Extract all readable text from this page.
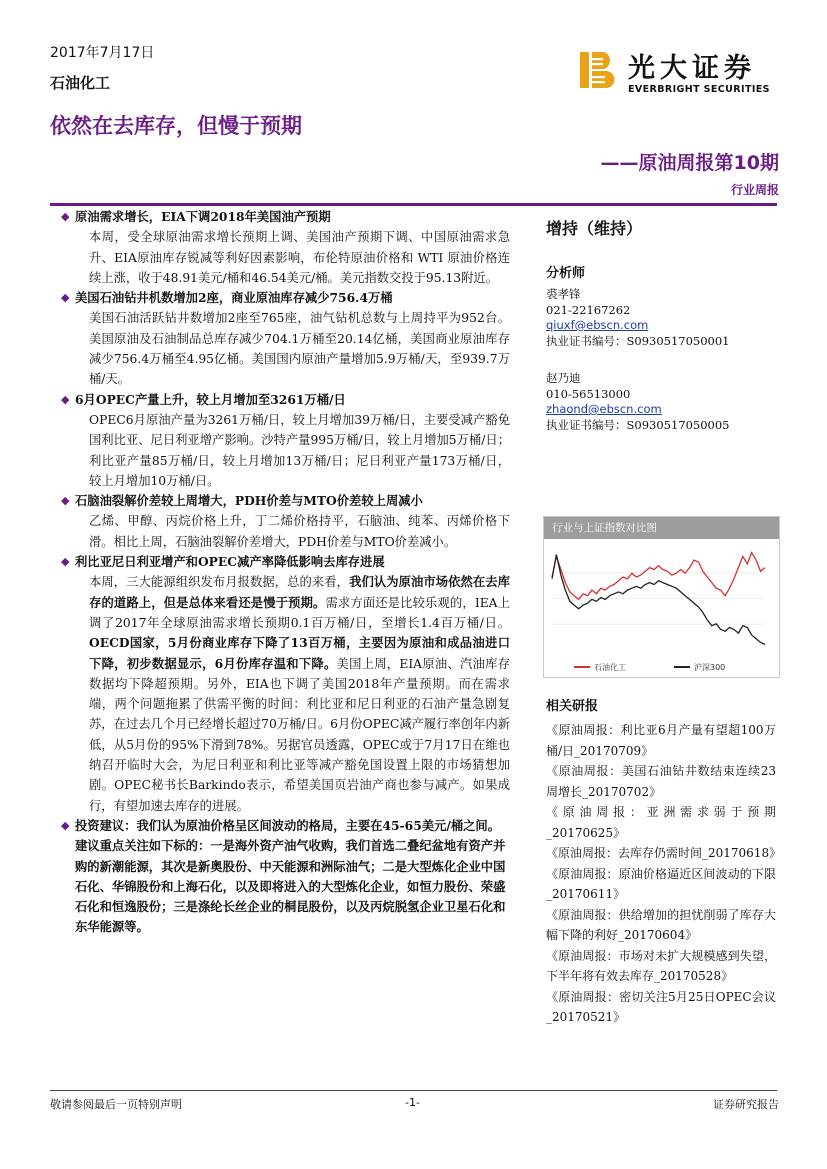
2017年7月17日
石油化工
依然在去库存，但慢于预期
光大证券
EVERBRIGHT SECURITIES
——原油周报第10期
行业周报
◆ 原油需求增长，EIA下调2018年美国油产预期
本周，受全球原油需求增长预期上调、美国油产预期下调、中国原油需求急升、EIA原油库存锐减等利好因素影响，布伦特原油价格和 WTI 原油价格连续上涨，收于48.91美元/桶和46.54美元/桶。美元指数交投于95.13附近。
◆ 美国石油钻井机数增加2座，商业原油库存减少756.4万桶
美国石油活跃钻井数增加2座至765座，油气钻机总数与上周持平为952台。美国原油及石油制品总库存减少704.1万桶至20.14亿桶，美国商业原油库存减少756.4万桶至4.95亿桶。美国国内原油产量增加5.9万桶/天，至939.7万桶/天。
◆ 6月OPEC产量上升，较上月增加至3261万桶/日
OPEC6月原油产量为3261万桶/日，较上月增加39万桶/日，主要受减产豁免国利比亚、尼日利亚增产影响。沙特产量995万桶/日，较上月增加5万桶/日；利比亚产量85万桶/日，较上月增加13万桶/日；尼日利亚产量173万桶/日，较上月增加10万桶/日。
◆ 石脑油裂解价差较上周增大，PDH价差与MTO价差较上周减小
乙烯、甲醇、丙烷价格上升，丁二烯价格持平，石脑油、纯苯、丙烯价格下滑。相比上周，石脑油裂解价差增大，PDH价差与MTO价差减小。
◆ 利比亚尼日利亚增产和OPEC减产率降低影响去库存进展
本周，三大能源组织发布月报数据，总的来看，我们认为原油市场依然在去库存的道路上，但是总体来看还是慢于预期。需求方面还是比较乐观的，IEA上调了2017年全球原油需求增长预期0.1百万桶/日，至增长1.4百万桶/日。OECD国家，5月份商业库存下降了13百万桶，主要因为原油和成品油进口下降，初步数据显示，6月份库存温和下降。美国上周，EIA原油、汽油库存数据均下降超预期。另外，EIA也下调了美国2018年产量预期。而在需求端，两个问题拖累了供需平衡的时间：利比亚和尼日利亚的石油产量急剧复苏，在过去几个月已经增长超过70万桶/日。6月份OPEC减产履行率创年内新低，从5月份的95%下滑到78%。另据官员透露，OPEC或于7月17日在维也纳召开临时大会，为尼日利亚和利比亚等减产豁免国设置上限的市场猜想加剧。OPEC秘书长Barkindo表示，希望美国页岩油产商也参与减产。如果成行，有望加速去库存的进展。
◆ 投资建议：我们认为原油价格呈区间波动的格局，主要在45-65美元/桶之间。建议重点关注如下标的：一是海外资产油气收购，我们首选二叠纪盆地有资产并购的新潮能源，其次是新奥股份、中天能源和洲际油气；二是大型炼化企业中国石化、华锦股份和上海石化，以及即将进入的大型炼化企业，如恒力股份、荣盛石化和恒逸股份；三是涤纶长丝企业的桐昆股份，以及丙烷脱氢企业卫星石化和东华能源等。
增持（维持）
分析师
裘孝锋
021-22167262
qiuxf@ebscn.com
执业证书编号：S0930517050001
赵乃迪
010-56513000
zhaond@ebscn.com
执业证书编号：S0930517050005
行业与上证指数对比图
石油化工	沪深300
相关研报
《原油周报：利比亚6月产量有望超100万桶/日_20170709》
《原油周报：美国石油钻井数结束连续23周增长_20170702》
《原油周报：亚洲需求弱于预期_20170625》
《原油周报：去库存仍需时间_20170618》
《原油周报：原油价格逼近区间波动的下限_20170611》
《原油周报：供给增加的担忧削弱了库存大幅下降的利好_20170604》
《原油周报：市场对未扩大规模感到失望，下半年将有效去库存_20170528》
《原油周报：密切关注5月25日OPEC会议_20170521》
敬请参阅最后一页特别声明	-1-	证券研究报告
